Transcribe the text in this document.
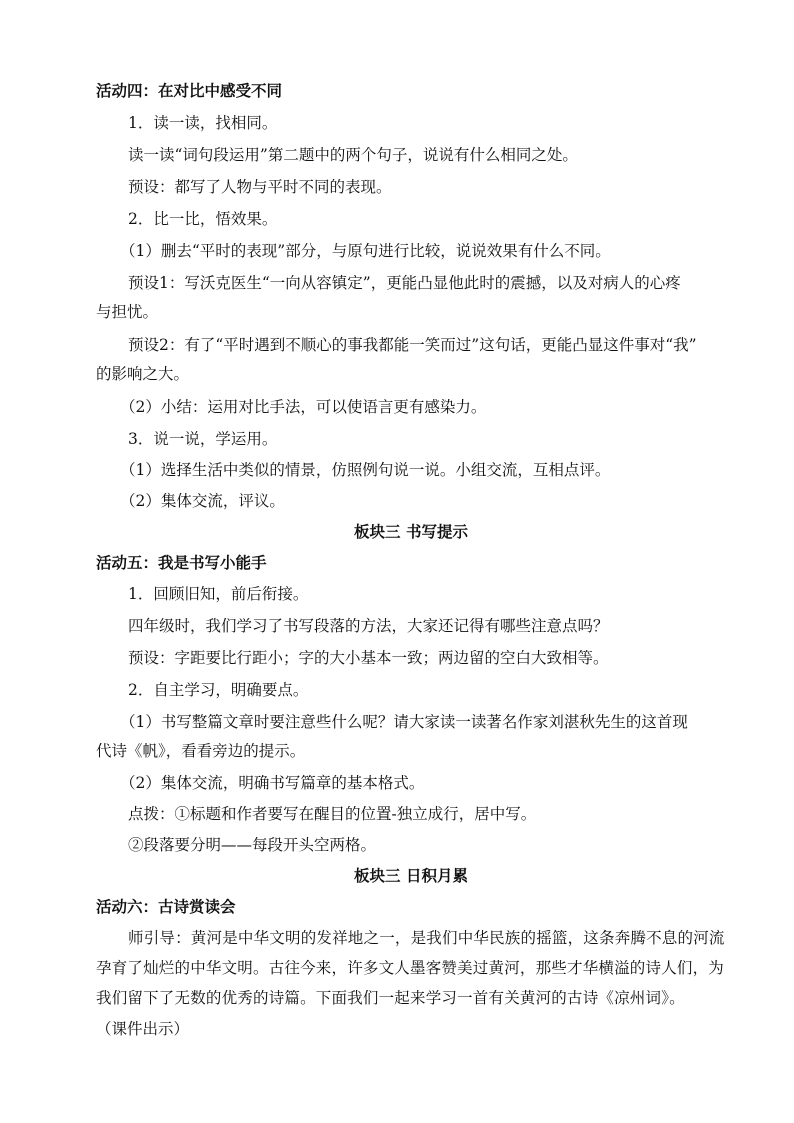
活动四：在对比中感受不同
1．读一读，找相同。
读一读“词句段运用”第二题中的两个句子，说说有什么相同之处。
预设：都写了人物与平时不同的表现。
2．比一比，悟效果。
（1）删去“平时的表现”部分，与原句进行比较，说说效果有什么不同。
预设1：写沃克医生“一向从容镇定”，更能凸显他此时的震撼，以及对病人的心疼
与担忧。
预设2：有了“平时遇到不顺心的事我都能一笑而过”这句话，更能凸显这件事对“我”
的影响之大。
（2）小结：运用对比手法，可以使语言更有感染力。
3．说一说，学运用。
（1）选择生活中类似的情景，仿照例句说一说。小组交流，互相点评。
（2）集体交流，评议。
板块三 书写提示
活动五：我是书写小能手
1．回顾旧知，前后衔接。
四年级时，我们学习了书写段落的方法，大家还记得有哪些注意点吗？
预设：字距要比行距小；字的大小基本一致；两边留的空白大致相等。
2．自主学习，明确要点。
（1）书写整篇文章时要注意些什么呢？请大家读一读著名作家刘湛秋先生的这首现
代诗《帆》，看看旁边的提示。
（2）集体交流，明确书写篇章的基本格式。
点拨：①标题和作者要写在醒目的位置-独立成行，居中写。
②段落要分明——每段开头空两格。
板块三 日积月累
活动六：古诗赏读会
师引导：黄河是中华文明的发祥地之一，是我们中华民族的摇篮，这条奔腾不息的河流
孕育了灿烂的中华文明。古往今来，许多文人墨客赞美过黄河，那些才华横溢的诗人们，为
我们留下了无数的优秀的诗篇。下面我们一起来学习一首有关黄河的古诗《凉州词》。
（课件出示）
